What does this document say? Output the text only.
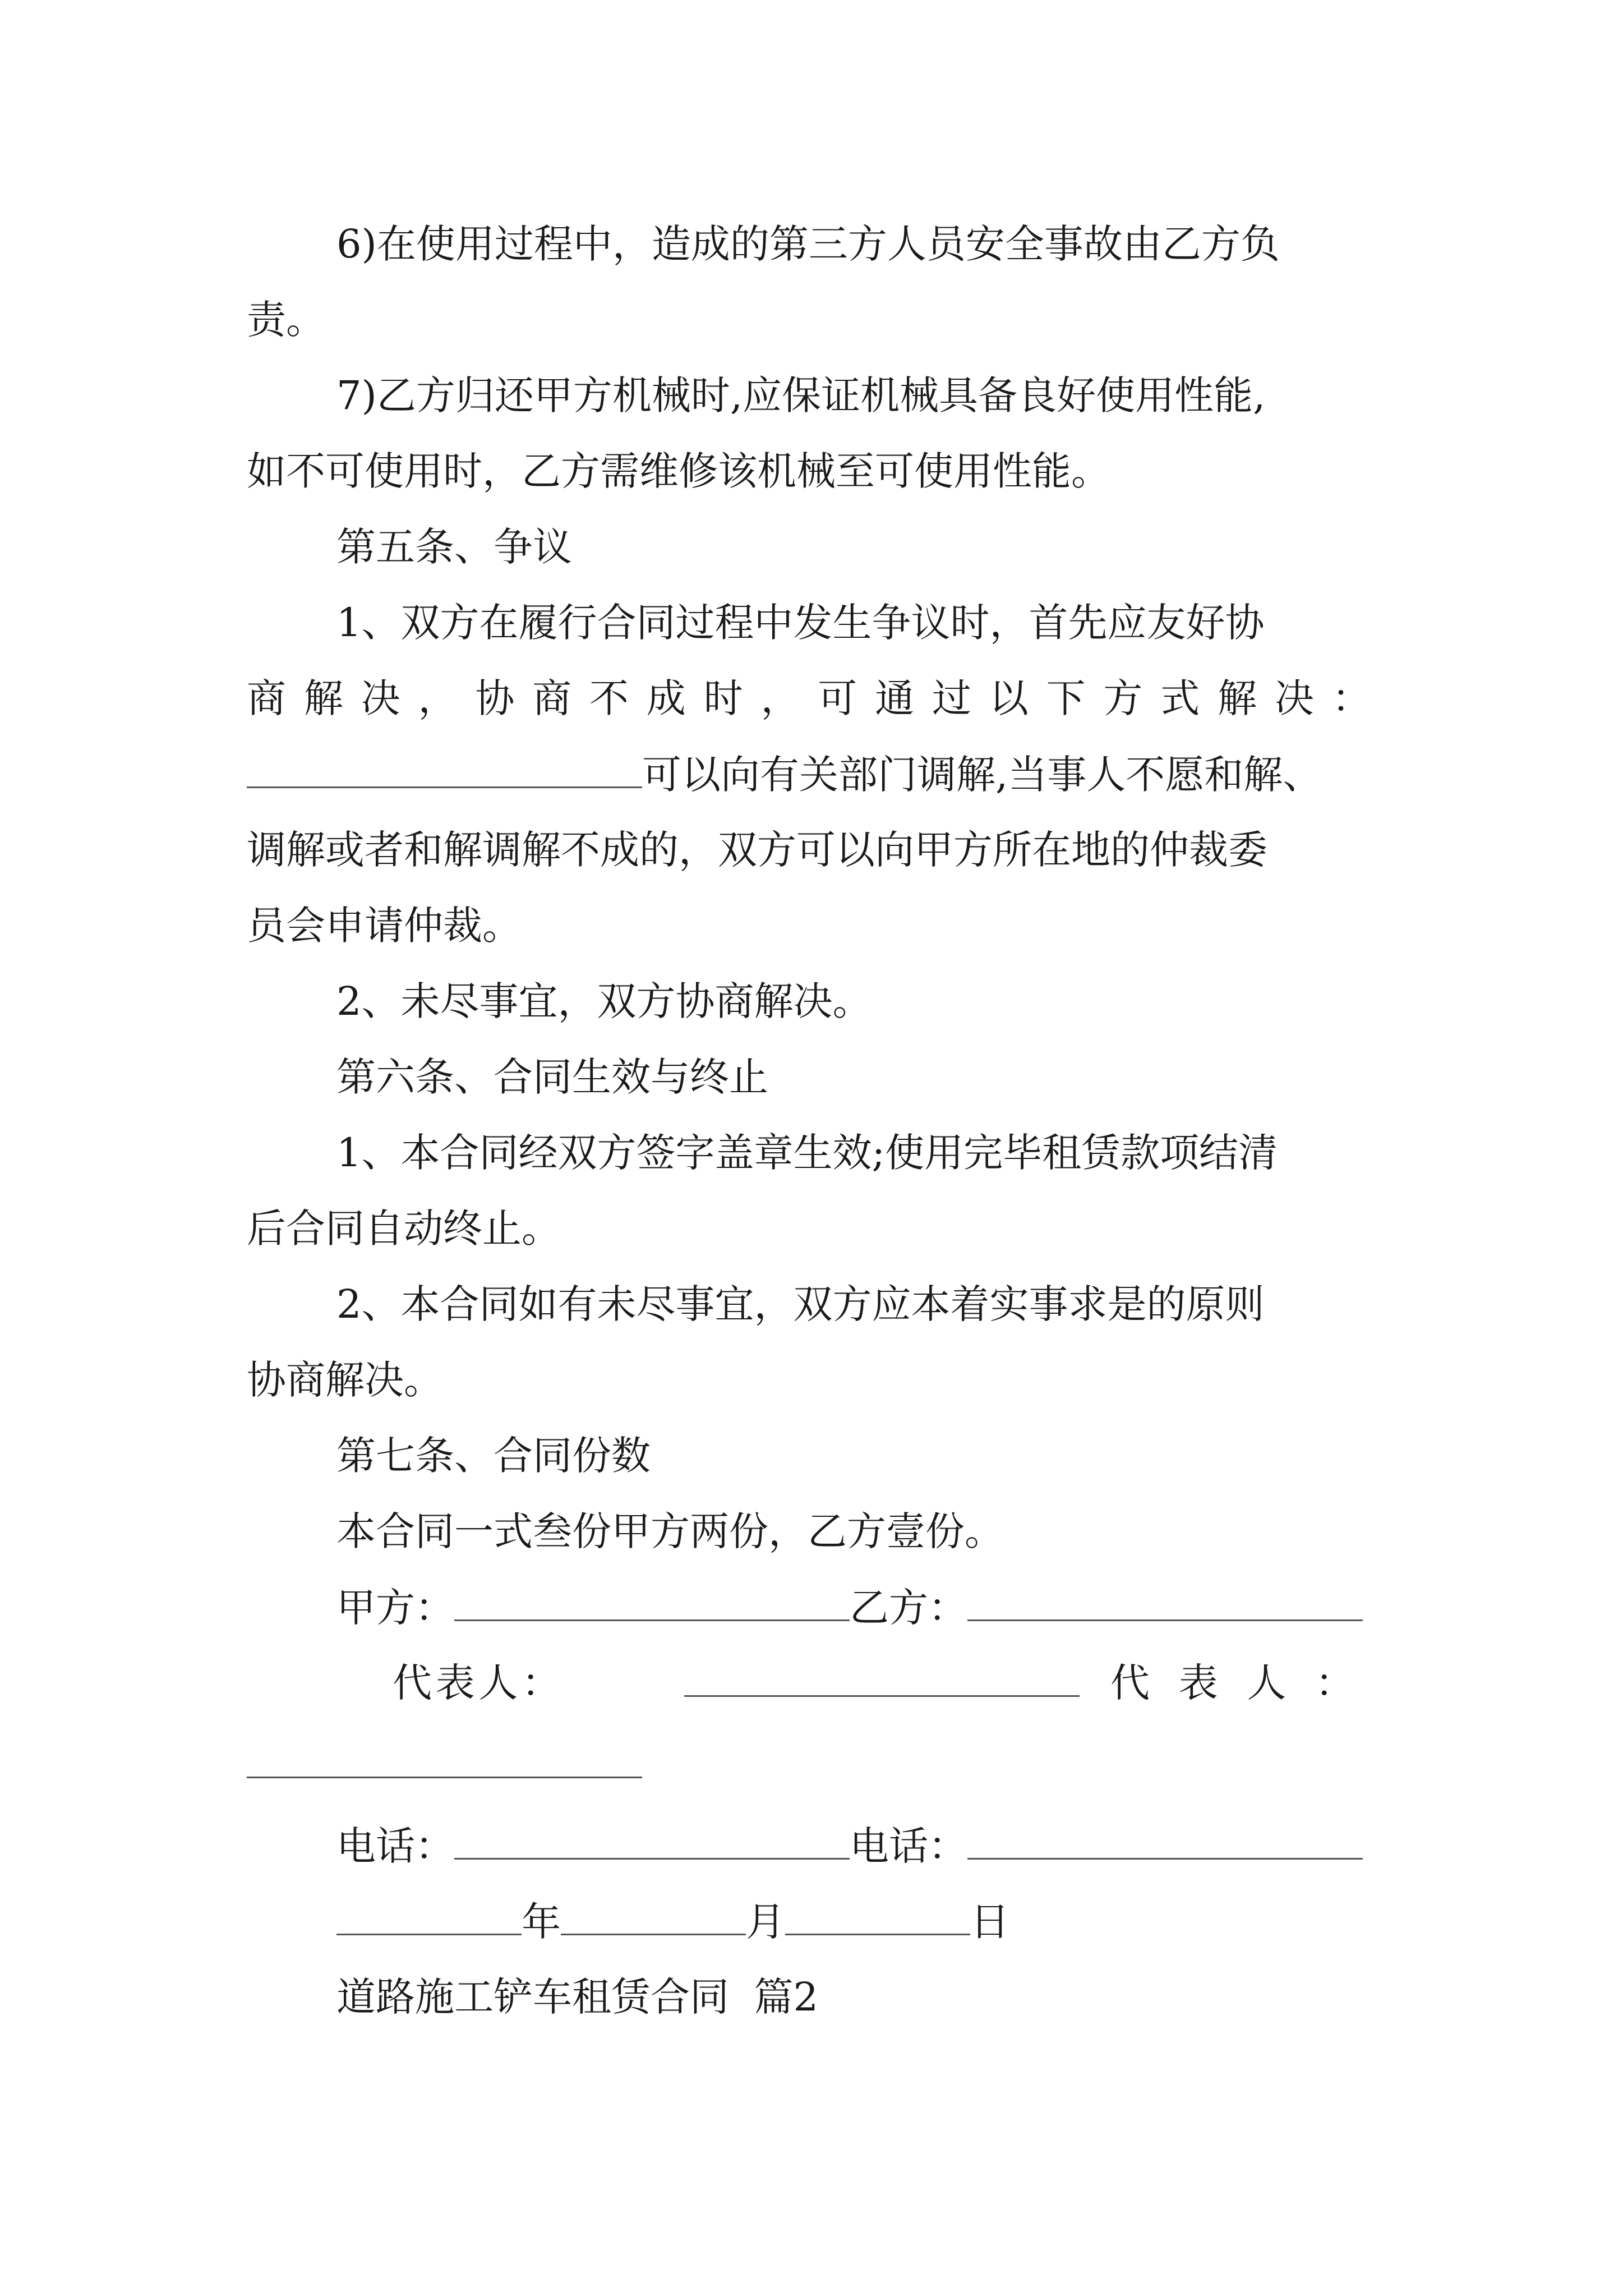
6)在使用过程中，造成的第三方人员安全事故由乙方负
责。
7)乙方归还甲方机械时,应保证机械具备良好使用性能,
如不可使用时，乙方需维修该机械至可使用性能。
第五条、争议
1、双方在履行合同过程中发生争议时，首先应友好协
商 解 决 ， 协 商 不 成 时 ， 可 通 过 以 下 方 式 解 决 ：
可以向有关部门调解,当事人不愿和解、
调解或者和解调解不成的，双方可以向甲方所在地的仲裁委
员会申请仲裁。
2、未尽事宜，双方协商解决。
第六条、合同生效与终止
1、本合同经双方签字盖章生效;使用完毕租赁款项结清
后合同自动终止。
2、本合同如有未尽事宜，双方应本着实事求是的原则
协商解决。
第七条、合同份数
本合同一式叁份甲方两份，乙方壹份。
甲方：	乙方：
代 表 人 ：	代 表 人 ：
电话：	电话：
年	月	日
道路施工铲车租赁合同  篇2
